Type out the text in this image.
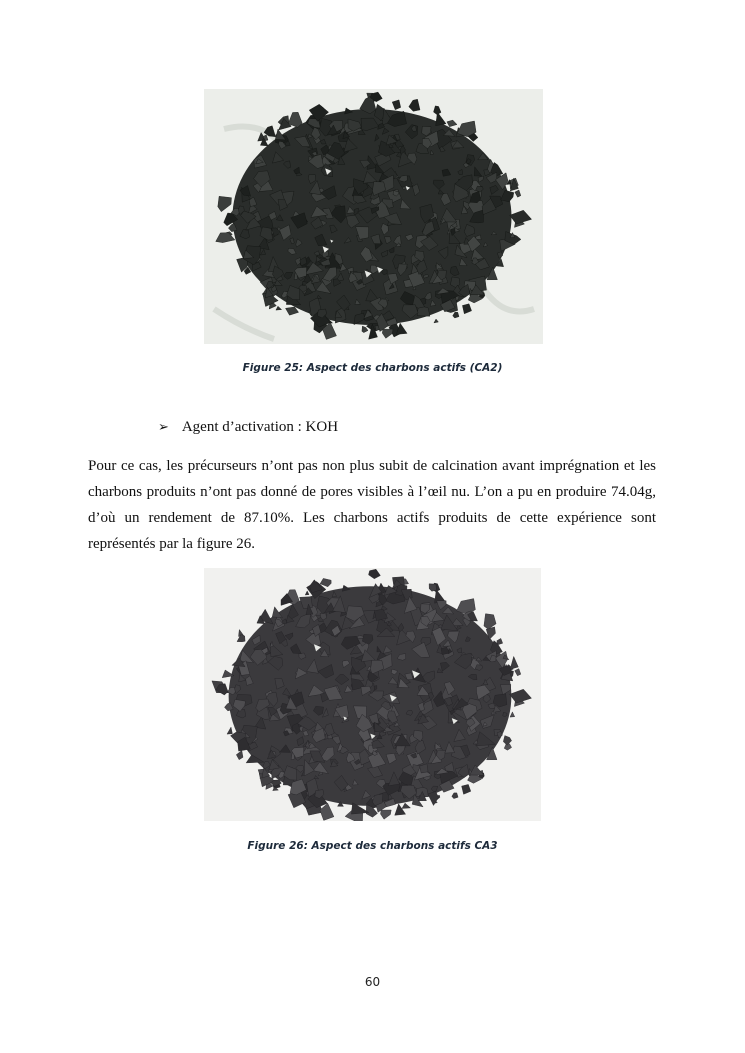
Figure 25: Aspect des charbons actifs (CA2)
➢ Agent d’activation : KOH

Pour ce cas, les précurseurs n’ont pas non plus subit de calcination avant imprégnation et les charbons produits n’ont pas donné de pores visibles à l’œil nu. L’on a pu en produire 74.04g, d’où un rendement de 87.10%. Les charbons actifs produits de cette expérience sont représentés par la figure 26.

Figure 26: Aspect des charbons actifs CA3
60
